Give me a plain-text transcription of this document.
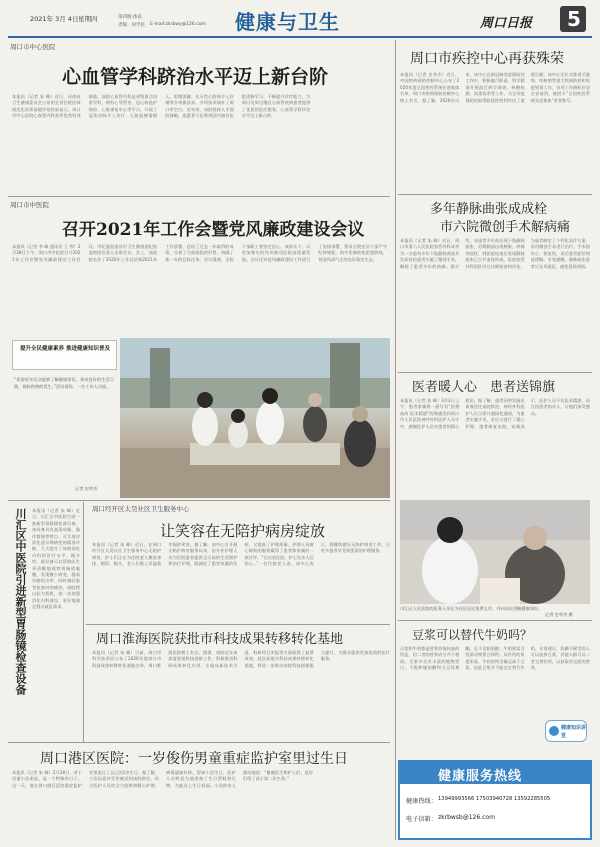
2021年 3月 4日 星期四	第四版·体讯
责编：何学民 E-mail:zkrbwy@126.com 健康与卫生	周口日报 5
周口市中心医院
心血管学科跻治水平迈上新台阶
本报讯（记者 朱 峰）近日，河南省卫生健康委员会公布的全省住院医师规范化培训基地评估结果显示，周口市中心医院心血管内科获评优秀培训基地。该院心血管内科是省级重点培育学科，拥有心导管室、冠心病监护病房、心脏康复中心等平台，开展了冠状动脉介入治疗、心脏起搏器植入、射频消融、先天性心脏病介入封堵等多项新技术，多项技术填补了周口市空白。近年来，该院坚持人才强院战略，选派骨干医师到国内知名医院进修学习，不断提升诊疗能力，为周口及周边地区心血管疾病患者提供了优质的医疗服务，心血管学科诊治水平迈上新台阶。
周口市中医院
召开2021年工作会暨党风廉政建设会议
本报讯（记者 李 峰 通讯员 王 智）2月28日下午，周口市中医院召开2021年工作会暨党风廉政建设工作会议。市纪委监委驻市卫生健康委纪检监察组负责人出席会议。会上，该院院长作了2020年工作总结和2021年工作部署，总结了过去一年取得的成绩，分析了当前面临的形势，明确了新一年的目标任务。会议强调，全院干部职工要坚定信心、真抓实干，以更加务实的作风推动医院高质量发展。会议还对党风廉政建设工作进行了安排部署，要求全院党员干部严守纪律规矩，筑牢拒腐防变思想防线，营造风清气正的良好政治生态。
提升全民健康素养 推进健康知识普及
“希望更多民众能够了解健康常识，养成良好的生活习惯，预防疾病的发生。”活动现场，一位工作人员说。
记者 史华杰
川汇区中医院引进新型胃肠镜检查设备 本报讯（记者 朱 峰）近日，川汇区中医院引进一套新型胃肠镜检查设备，该设备具有高清成像、操作简便等特点，可实现对消化道早期病变的精准诊断，大大提升了该院消化内科的诊疗水平。据介绍，新设备可以帮助医生更清晰地观察胃肠道黏膜，发现微小病变，提高早癌检出率，同时减轻患者检查时的痛苦。该院将以此为契机，进一步加强消化内科建设，更好地满足群众就医需求。
周口经开区太昊社区卫生服务中心
让笑容在无陪护病房绽放
本报讯（记者 朱 峰）近日，在周口经开区太昊社区卫生服务中心无陪护病房，护士们正在为住院老人擦洗身体、喂饭、梳头，老人们脸上洋溢着幸福的笑容。据了解，该中心自开展无陪护病房服务以来，由专业护理人员为住院患者提供全天候的生活照护和治疗护理，既减轻了患者家属的负担，又提高了护理质量。护理人员耐心细致的服务赢得了患者和家属的一致好评。“在这里住院，护士比亲人还贴心。”一位住院老人说。该中心表示，将继续做好无陪护病房工作，让更多患者享受到优质的护理服务。
周口淮海医院获批市科技成果转移转化基地
本报讯（记者 朱 峰）日前，周口市科学技术局公布了2020年度周口市科技成果转移转化基地名单，周口淮海医院榜上有名。据悉，该院近年来高度重视科技创新工作，积极推进科研成果转化应用，在临床新技术引进、科研项目申报等方面取得了显著成效。此次获批市科技成果转移转化基地，将进一步推动该院科技创新能力提升，为群众提供更加优质的医疗服务。
周口港区医院：一岁俊伤男童重症监护室里过生日
本报讯（记者 朱 峰）2月28日，对于男童小浩来说，是一个特殊的日子。这一天，他在周口港区医院重症监护室里度过了自己的1岁生日。据了解，小浩因意外受伤被送到该院救治，经过医护人员的全力抢救和精心护理，病情逐渐好转。得知小浩生日，医护人员特意为他准备了生日蛋糕和礼物，为他送上生日祝福。小浩的家人感动地说：“谢谢医生和护士们，是你们给了孩子第二次生命。”
周口市疾控中心再获殊荣
本报讯（记者 史华杰）近日，中国疾病预防控制中心公布了2020年度全国疾控系统先进集体名单，周口市疾病预防控制中心榜上有名。据了解，2020年以来，该中心在新冠肺炎疫情防控工作中，积极履行职责，科学精准开展流行病学调查、核酸检测、消毒消杀等工作，为全市疫情防控取得阶段性胜利作出了重要贡献。该中心还扎实推进艾滋病、结核病等重大疾病防控和免疫规划工作，各项工作指标位居全省前列，被授予“全国疾控系统先进集体”荣誉称号。
多年静脉曲张成成栓
市六院微创手术解病痛
本报讯（记者 朱 峰）近日，周口市第六人民医院血管外科成功为一名患有多年下肢静脉曲张并发血栓的患者实施了微创手术，解除了患者多年的病痛。据介绍，该患者多年前出现下肢静脉曲张，近期腿部出现肿胀、疼痛等症状，到医院检查后发现静脉曲张已合并血栓形成。医院血管外科团队经过详细检查和评估，为患者制定了个性化治疗方案，采用微创手术进行治疗。手术创伤小、恢复快，术后患者症状明显缓解。专家提醒，静脉曲张患者应及早就医，避免延误病情。
医者暖人心　患者送锦旗
本报讯（记者 朱 峰）3月2日上午，患者家属将一面写有“医德高尚 医术精湛”的锦旗送到周口市人民医院神经外科医护人员手中，感谢医护人员对患者的精心救治。据了解，患者因突发脑出血被送往该院救治，神经外科医护人员立即开通绿色通道，为患者实施手术，术后又进行了精心护理，患者康复出院。家属表示，医护人员不仅医术精湛，而且待患者如亲人，让他们深受感动。
川汇区人民医院的医务人员在为社区居民免费义诊，并向居民讲解健康知识。
记者 史华杰 摄
豆浆可以替代牛奶吗？
豆浆和牛奶都是营养价值较高的饮品，但二者的营养成分并不相同。豆浆中含有丰富的植物蛋白、不饱和脂肪酸和大豆异黄酮，且不含胆固醇；牛奶则富含优质动物蛋白和钙。从补钙的角度来看，牛奶的钙含量远高于豆浆，因此豆浆并不能完全替代牛奶。专家建议，乳糖不耐受的人可以选择豆浆，其他人群可以二者交替饮用，以获取更全面的营养。
健康知识讲堂
健康服务热线
健康热线： 13949993566 17503940728 13592285505
电子信箱： zkrbwsb@126.com
